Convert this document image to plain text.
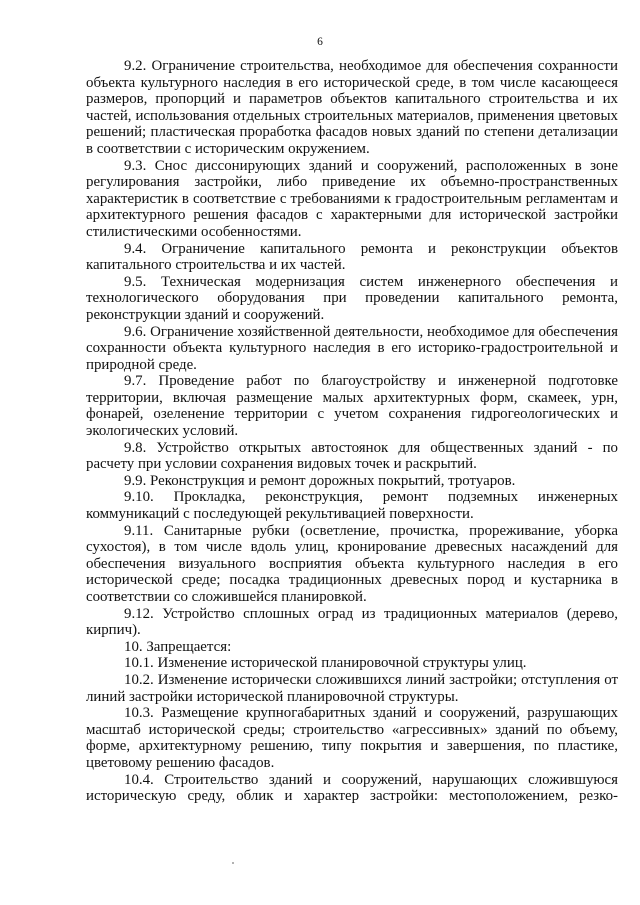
6

9.2. Ограничение строительства, необходимое для обеспечения сохранности объекта культурного наследия в его исторической среде, в том числе касающееся размеров, пропорций и параметров объектов капитального строительства и их частей, использования отдельных строительных материалов, применения цветовых решений; пластическая проработка фасадов новых зданий по степени детализации в соответствии с историческим окружением.

9.3. Снос диссонирующих зданий и сооружений, расположенных в зоне регулирования застройки, либо приведение их объемно-пространственных характеристик в соответствие с требованиями к градостроительным регламентам и архитектурного решения фасадов с характерными для исторической застройки стилистическими особенностями.

9.4. Ограничение капитального ремонта и реконструкции объектов капитального строительства и их частей.

9.5. Техническая модернизация систем инженерного обеспечения и технологического оборудования при проведении капитального ремонта, реконструкции зданий и сооружений.

9.6. Ограничение хозяйственной деятельности, необходимое для обеспечения сохранности объекта культурного наследия в его историко-градостроительной и природной среде.

9.7. Проведение работ по благоустройству и инженерной подготовке территории, включая размещение малых архитектурных форм, скамеек, урн, фонарей, озеленение территории с учетом сохранения гидрогеологических и экологических условий.

9.8. Устройство открытых автостоянок для общественных зданий - по расчету при условии сохранения видовых точек и раскрытий.

9.9. Реконструкция и ремонт дорожных покрытий, тротуаров.

9.10. Прокладка, реконструкция, ремонт подземных инженерных коммуникаций с последующей рекультивацией поверхности.

9.11. Санитарные рубки (осветление, прочистка, прореживание, уборка сухостоя), в том числе вдоль улиц, кронирование древесных насаждений для обеспечения визуального восприятия объекта культурного наследия в его исторической среде; посадка традиционных древесных пород и кустарника в соответствии со сложившейся планировкой.

9.12. Устройство сплошных оград из традиционных материалов (дерево, кирпич).

10. Запрещается:

10.1. Изменение исторической планировочной структуры улиц.

10.2. Изменение исторически сложившихся линий застройки; отступления от линий застройки исторической планировочной структуры.

10.3. Размещение крупногабаритных зданий и сооружений, разрушающих масштаб исторической среды; строительство «агрессивных» зданий по объему, форме, архитектурному решению, типу покрытия и завершения, по пластике, цветовому решению фасадов.

10.4. Строительство зданий и сооружений, нарушающих сложившуюся историческую среду, облик и характер застройки: местоположением, резко-
